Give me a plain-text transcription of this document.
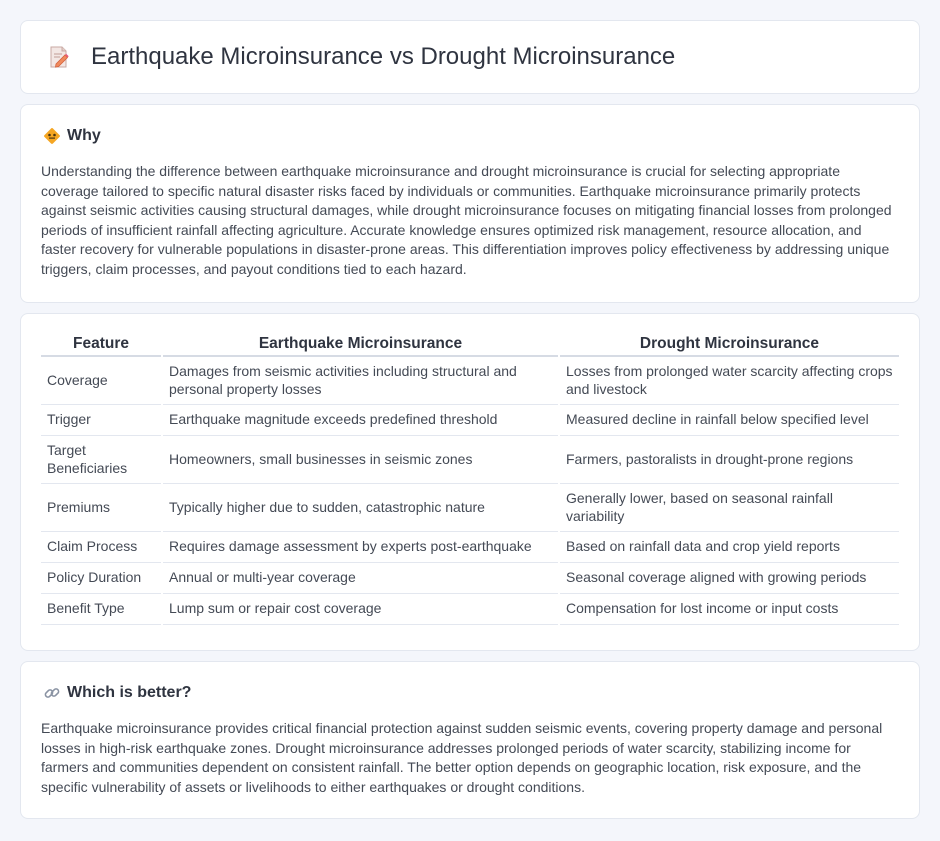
Earthquake Microinsurance vs Drought Microinsurance
Why

Understanding the difference between earthquake microinsurance and drought microinsurance is crucial for selecting appropriate coverage tailored to specific natural disaster risks faced by individuals or communities. Earthquake microinsurance primarily protects against seismic activities causing structural damages, while drought microinsurance focuses on mitigating financial losses from prolonged periods of insufficient rainfall affecting agriculture. Accurate knowledge ensures optimized risk management, resource allocation, and faster recovery for vulnerable populations in disaster-prone areas. This differentiation improves policy effectiveness by addressing unique triggers, claim processes, and payout conditions tied to each hazard.

Feature	Earthquake Microinsurance	Drought Microinsurance
Coverage	Damages from seismic activities including structural and personal property losses	Losses from prolonged water scarcity affecting crops and livestock
Trigger	Earthquake magnitude exceeds predefined threshold	Measured decline in rainfall below specified level
Target Beneficiaries	Homeowners, small businesses in seismic zones	Farmers, pastoralists in drought-prone regions
Premiums	Typically higher due to sudden, catastrophic nature	Generally lower, based on seasonal rainfall variability
Claim Process	Requires damage assessment by experts post-earthquake	Based on rainfall data and crop yield reports
Policy Duration	Annual or multi-year coverage	Seasonal coverage aligned with growing periods
Benefit Type	Lump sum or repair cost coverage	Compensation for lost income or input costs
Which is better?

Earthquake microinsurance provides critical financial protection against sudden seismic events, covering property damage and personal losses in high-risk earthquake zones. Drought microinsurance addresses prolonged periods of water scarcity, stabilizing income for farmers and communities dependent on consistent rainfall. The better option depends on geographic location, risk exposure, and the specific vulnerability of assets or livelihoods to either earthquakes or drought conditions.
